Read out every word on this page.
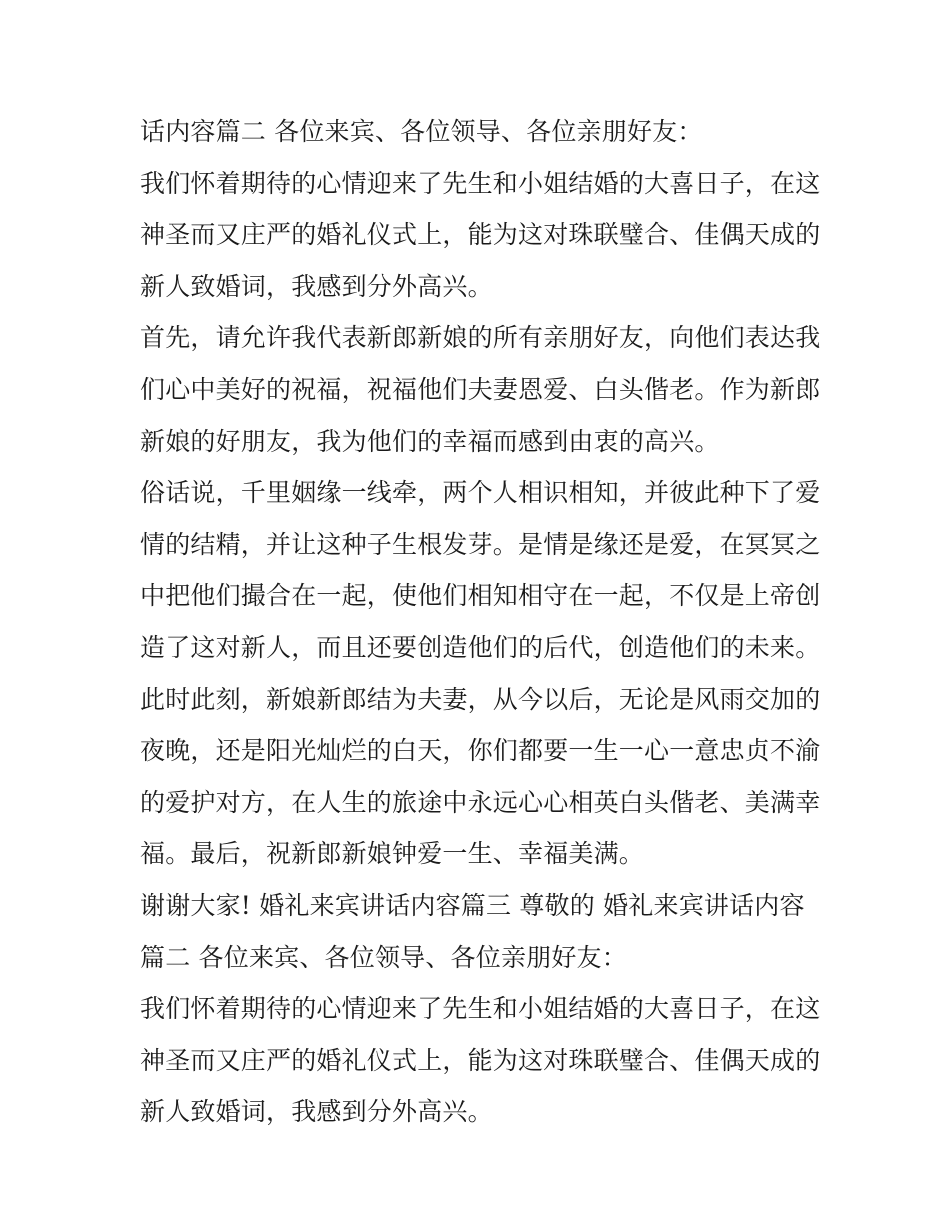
话内容篇二 各位来宾、各位领导、各位亲朋好友：
我们怀着期待的心情迎来了先生和小姐结婚的大喜日子，在这
神圣而又庄严的婚礼仪式上，能为这对珠联璧合、佳偶天成的
新人致婚词，我感到分外高兴。
首先，请允许我代表新郎新娘的所有亲朋好友，向他们表达我
们心中美好的祝福，祝福他们夫妻恩爱、白头偕老。作为新郎
新娘的好朋友，我为他们的幸福而感到由衷的高兴。
俗话说，千里姻缘一线牵，两个人相识相知，并彼此种下了爱
情的结精，并让这种子生根发芽。是情是缘还是爱，在冥冥之
中把他们撮合在一起，使他们相知相守在一起，不仅是上帝创
造了这对新人，而且还要创造他们的后代，创造他们的未来。
此时此刻，新娘新郎结为夫妻，从今以后，无论是风雨交加的
夜晚，还是阳光灿烂的白天，你们都要一生一心一意忠贞不渝
的爱护对方，在人生的旅途中永远心心相英白头偕老、美满幸
福。最后，祝新郎新娘钟爱一生、幸福美满。
谢谢大家! 婚礼来宾讲话内容篇三 尊敬的 婚礼来宾讲话内容
篇二 各位来宾、各位领导、各位亲朋好友：
我们怀着期待的心情迎来了先生和小姐结婚的大喜日子，在这
神圣而又庄严的婚礼仪式上，能为这对珠联璧合、佳偶天成的
新人致婚词，我感到分外高兴。
